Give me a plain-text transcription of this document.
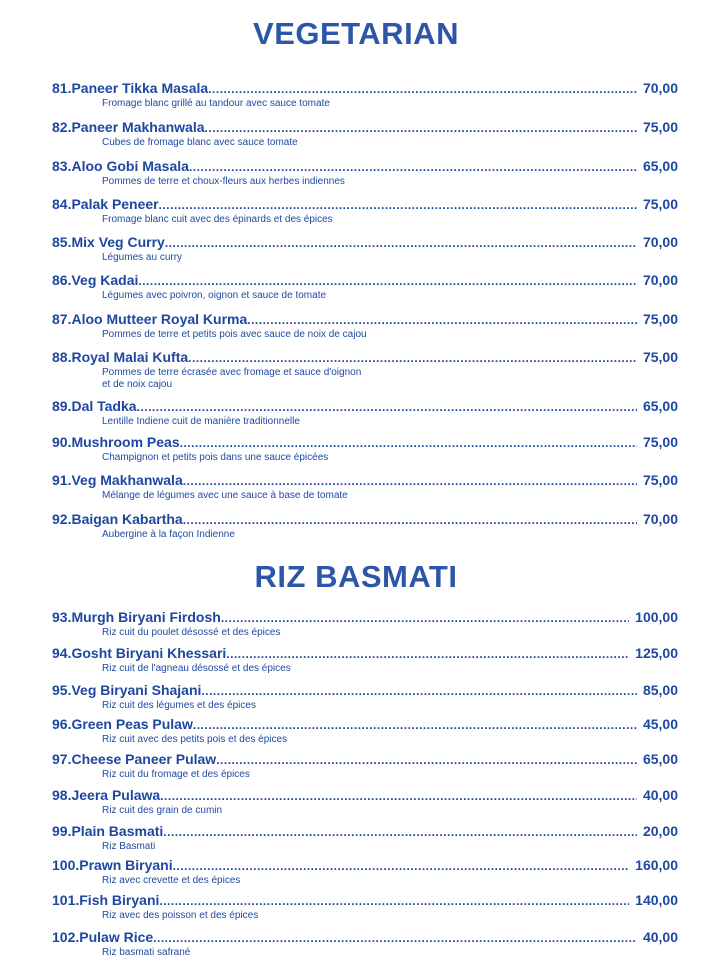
VEGETARIAN
81.Paneer Tikka Masala .....	70,00
Fromage blanc grillé au tandour avec sauce tomate
82.Paneer Makhanwala .....	75,00
Cubes de fromage blanc avec sauce tomate
83.Aloo Gobi Masala .....	65,00
Pommes de terre et choux-fleurs aux herbes indiennes
84.Palak Peneer .....	75,00
Fromage blanc cuit avec des épinards et des épices
85.Mix Veg Curry .....	70,00
Légumes au curry
86.Veg Kadai .....	70,00
Légumes avec poivron, oignon et sauce de tomate
87.Aloo Mutteer Royal Kurma .....	75,00
Pommes de terre et petits pois avec sauce de noix de cajou
88.Royal Malai Kufta .....	75,00
Pommes de terre écrasée avec fromage et sauce d'oignon
et de noix cajou
89.Dal Tadka .....	65,00
Lentille Indiene cuit de manière traditionnelle
90.Mushroom Peas .....	75,00
Champignon et petits pois dans une sauce épicées
91.Veg Makhanwala .....	75,00
Mélange de légumes avec une sauce à base de tomate
92.Baigan Kabartha .....	70,00
Aubergine à la façon Indienne
RIZ BASMATI
93.Murgh Biryani Firdosh .....	100,00
Riz cuit du poulet désossé et des épices
94.Gosht Biryani Khessari .....	125,00
Riz cuit de l'agneau désossé et des épices
95.Veg Biryani Shajani .....	85,00
Riz cuit des légumes et des épices
96.Green Peas Pulaw .....	45,00
Riz cuit avec des petits pois et des épices
97.Cheese Paneer Pulaw .....	65,00
Riz cuit du fromage et des épices
98.Jeera Pulawa .....	40,00
Riz cuit des grain de cumin
99.Plain Basmati .....	20,00
Riz Basmati
100.Prawn Biryani .....	160,00
Riz avec crevette et des épices
101.Fish Biryani .....	140,00
Riz avec des poisson et des épices
102.Pulaw Rice .....	40,00
Riz basmati safrané
